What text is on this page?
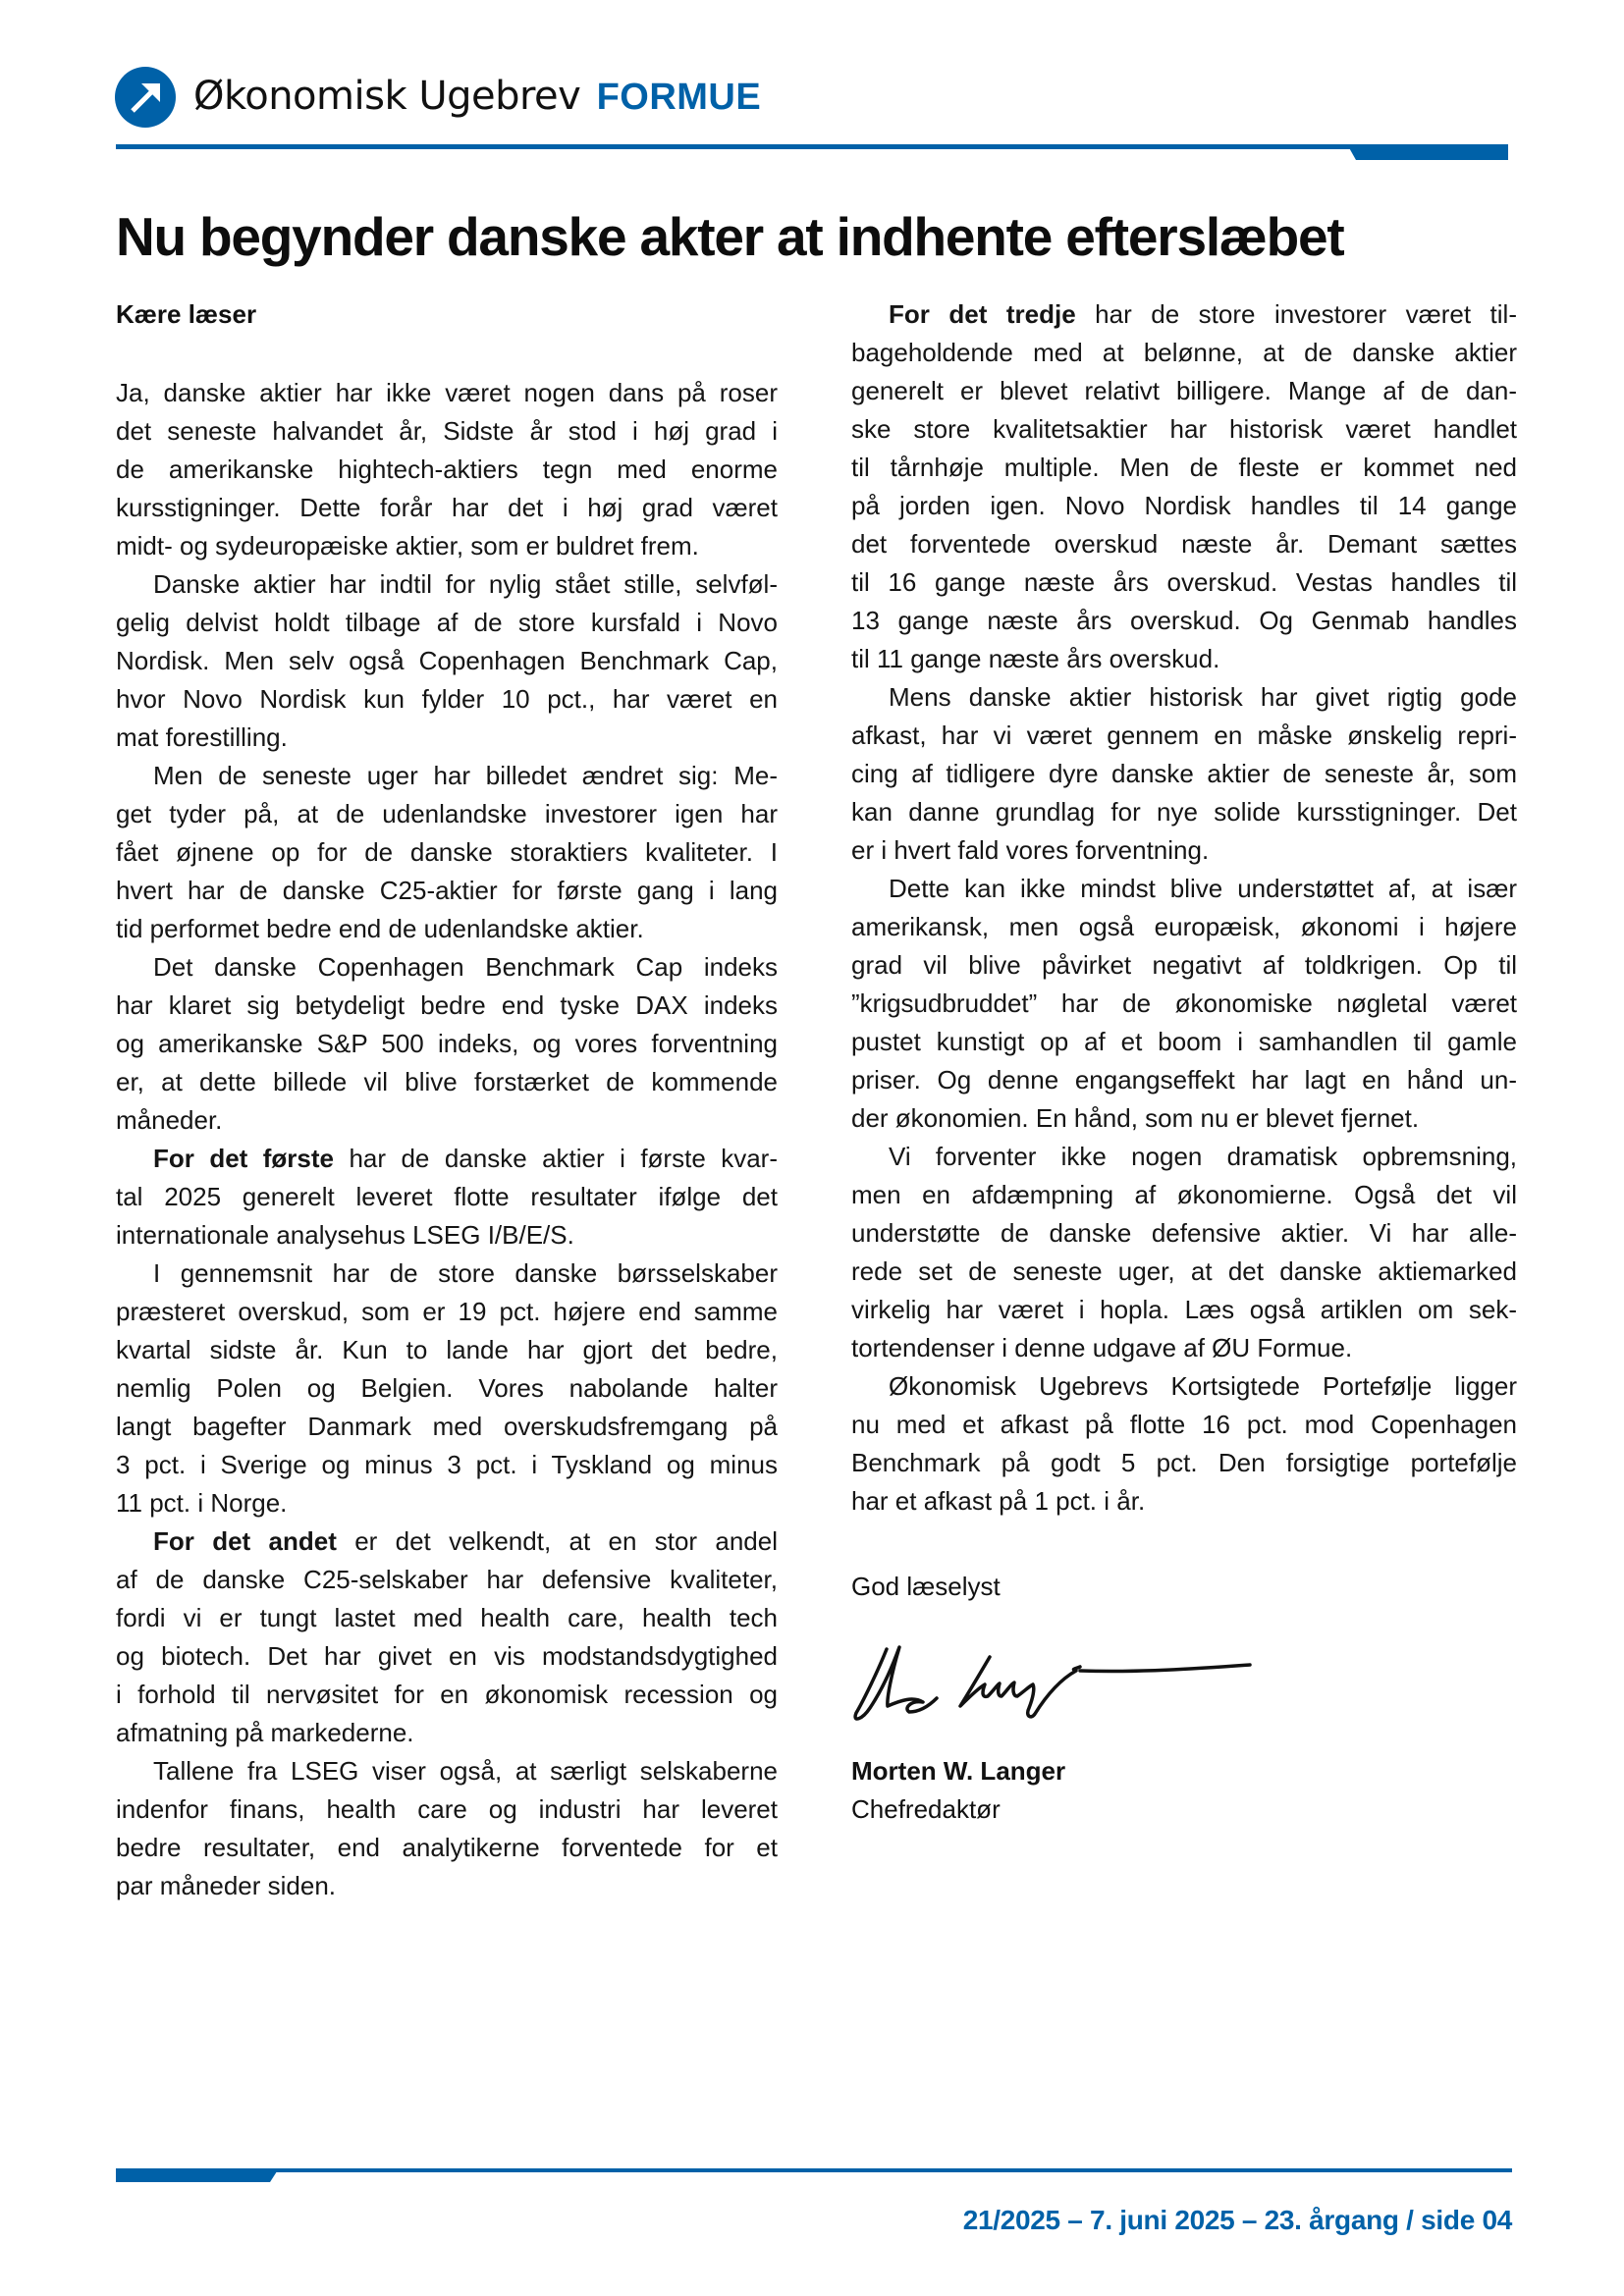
Økonomisk Ugebrev FORMUE
Nu begynder danske akter at indhente efterslæbet
Kære læser
Ja, danske aktier har ikke været nogen dans på roser
det seneste halvandet år, Sidste år stod i høj grad i
de amerikanske hightech-aktiers tegn med enorme
kursstigninger. Dette forår har det i høj grad været
midt- og sydeuropæiske aktier, som er buldret frem.
Danske aktier har indtil for nylig stået stille, selvføl-
gelig delvist holdt tilbage af de store kursfald i Novo
Nordisk. Men selv også Copenhagen Benchmark Cap,
hvor Novo Nordisk kun fylder 10 pct., har været en
mat forestilling.
Men de seneste uger har billedet ændret sig: Me-
get tyder på, at de udenlandske investorer igen har
fået øjnene op for de danske storaktiers kvaliteter. I
hvert har de danske C25-aktier for første gang i lang
tid performet bedre end de udenlandske aktier.
Det danske Copenhagen Benchmark Cap indeks
har klaret sig betydeligt bedre end tyske DAX indeks
og amerikanske S&P 500 indeks, og vores forventning
er, at dette billede vil blive forstærket de kommende
måneder.
For det første har de danske aktier i første kvar-
tal 2025 generelt leveret flotte resultater ifølge det
internationale analysehus LSEG I/B/E/S.
I gennemsnit har de store danske børsselskaber
præsteret overskud, som er 19 pct. højere end samme
kvartal sidste år. Kun to lande har gjort det bedre,
nemlig Polen og Belgien. Vores nabolande halter
langt bagefter Danmark med overskudsfremgang på
3 pct. i Sverige og minus 3 pct. i Tyskland og minus
11 pct. i Norge.
For det andet er det velkendt, at en stor andel
af de danske C25-selskaber har defensive kvaliteter,
fordi vi er tungt lastet med health care, health tech
og biotech. Det har givet en vis modstandsdygtighed
i forhold til nervøsitet for en økonomisk recession og
afmatning på markederne.
Tallene fra LSEG viser også, at særligt selskaberne
indenfor finans, health care og industri har leveret
bedre resultater, end analytikerne forventede for et
par måneder siden.
For det tredje har de store investorer været til-
bageholdende med at belønne, at de danske aktier
generelt er blevet relativt billigere. Mange af de dan-
ske store kvalitetsaktier har historisk været handlet
til tårnhøje multiple. Men de fleste er kommet ned
på jorden igen. Novo Nordisk handles til 14 gange
det forventede overskud næste år. Demant sættes
til 16 gange næste års overskud. Vestas handles til
13 gange næste års overskud. Og Genmab handles
til 11 gange næste års overskud.
Mens danske aktier historisk har givet rigtig gode
afkast, har vi været gennem en måske ønskelig repri-
cing af tidligere dyre danske aktier de seneste år, som
kan danne grundlag for nye solide kursstigninger. Det
er i hvert fald vores forventning.
Dette kan ikke mindst blive understøttet af, at især
amerikansk, men også europæisk, økonomi i højere
grad vil blive påvirket negativt af toldkrigen. Op til
”krigsudbruddet” har de økonomiske nøgletal været
pustet kunstigt op af et boom i samhandlen til gamle
priser. Og denne engangseffekt har lagt en hånd un-
der økonomien. En hånd, som nu er blevet fjernet.
Vi forventer ikke nogen dramatisk opbremsning,
men en afdæmpning af økonomierne. Også det vil
understøtte de danske defensive aktier. Vi har alle-
rede set de seneste uger, at det danske aktiemarked
virkelig har været i hopla. Læs også artiklen om sek-
tortendenser i denne udgave af ØU Formue.
Økonomisk Ugebrevs Kortsigtede Portefølje ligger
nu med et afkast på flotte 16 pct. mod Copenhagen
Benchmark på godt 5 pct. Den forsigtige portefølje
har et afkast på 1 pct. i år.
God læselyst
Morten W. Langer
Chefredaktør
21/2025 – 7. juni 2025 – 23. årgang / side 04
